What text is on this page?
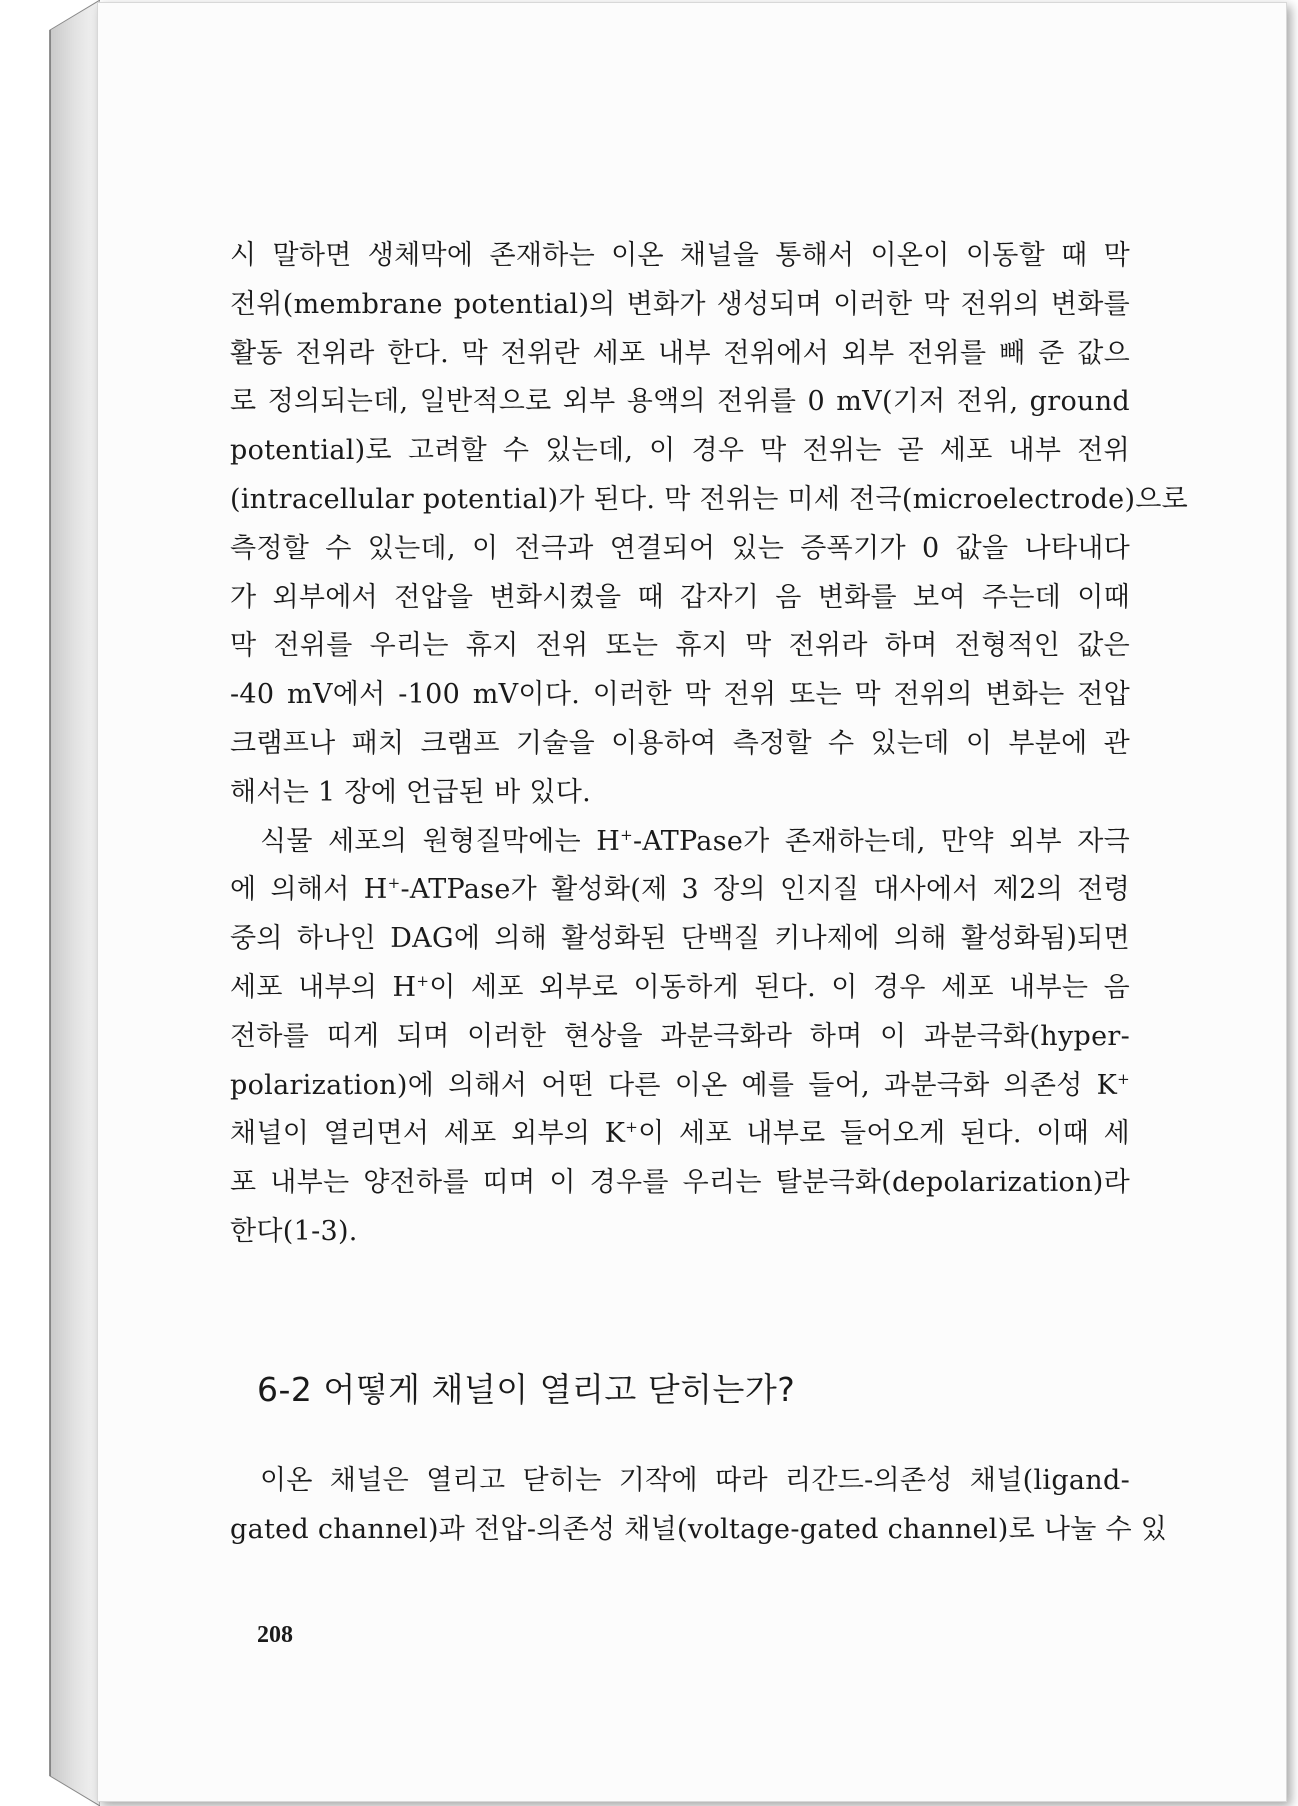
시 말하면 생체막에 존재하는 이온 채널을 통해서 이온이 이동할 때 막
전위(membrane potential)의 변화가 생성되며 이러한 막 전위의 변화를
활동 전위라 한다. 막 전위란 세포 내부 전위에서 외부 전위를 빼 준 값으
로 정의되는데, 일반적으로 외부 용액의 전위를 0 mV(기저 전위, ground
potential)로 고려할 수 있는데, 이 경우 막 전위는 곧 세포 내부 전위
(intracellular potential)가 된다. 막 전위는 미세 전극(microelectrode)으로
측정할 수 있는데, 이 전극과 연결되어 있는 증폭기가 0 값을 나타내다
가 외부에서 전압을 변화시켰을 때 갑자기 음 변화를 보여 주는데 이때
막 전위를 우리는 휴지 전위 또는 휴지 막 전위라 하며 전형적인 값은
-40 mV에서 -100 mV이다. 이러한 막 전위 또는 막 전위의 변화는 전압
크램프나 패치 크램프 기술을 이용하여 측정할 수 있는데 이 부분에 관
해서는 1 장에 언급된 바 있다.
식물 세포의 원형질막에는 H+-ATPase가 존재하는데, 만약 외부 자극
에 의해서 H+-ATPase가 활성화(제 3 장의 인지질 대사에서 제2의 전령
중의 하나인 DAG에 의해 활성화된 단백질 키나제에 의해 활성화됨)되면
세포 내부의 H+이 세포 외부로 이동하게 된다. 이 경우 세포 내부는 음
전하를 띠게 되며 이러한 현상을 과분극화라 하며 이 과분극화(hyper-
polarization)에 의해서 어떤 다른 이온 예를 들어, 과분극화 의존성 K+
채널이 열리면서 세포 외부의 K+이 세포 내부로 들어오게 된다. 이때 세
포 내부는 양전하를 띠며 이 경우를 우리는 탈분극화(depolarization)라
한다(1-3).
6-2 어떻게 채널이 열리고 닫히는가?
이온 채널은 열리고 닫히는 기작에 따라 리간드-의존성 채널(ligand-
gated channel)과 전압-의존성 채널(voltage-gated channel)로 나눌 수 있
208
